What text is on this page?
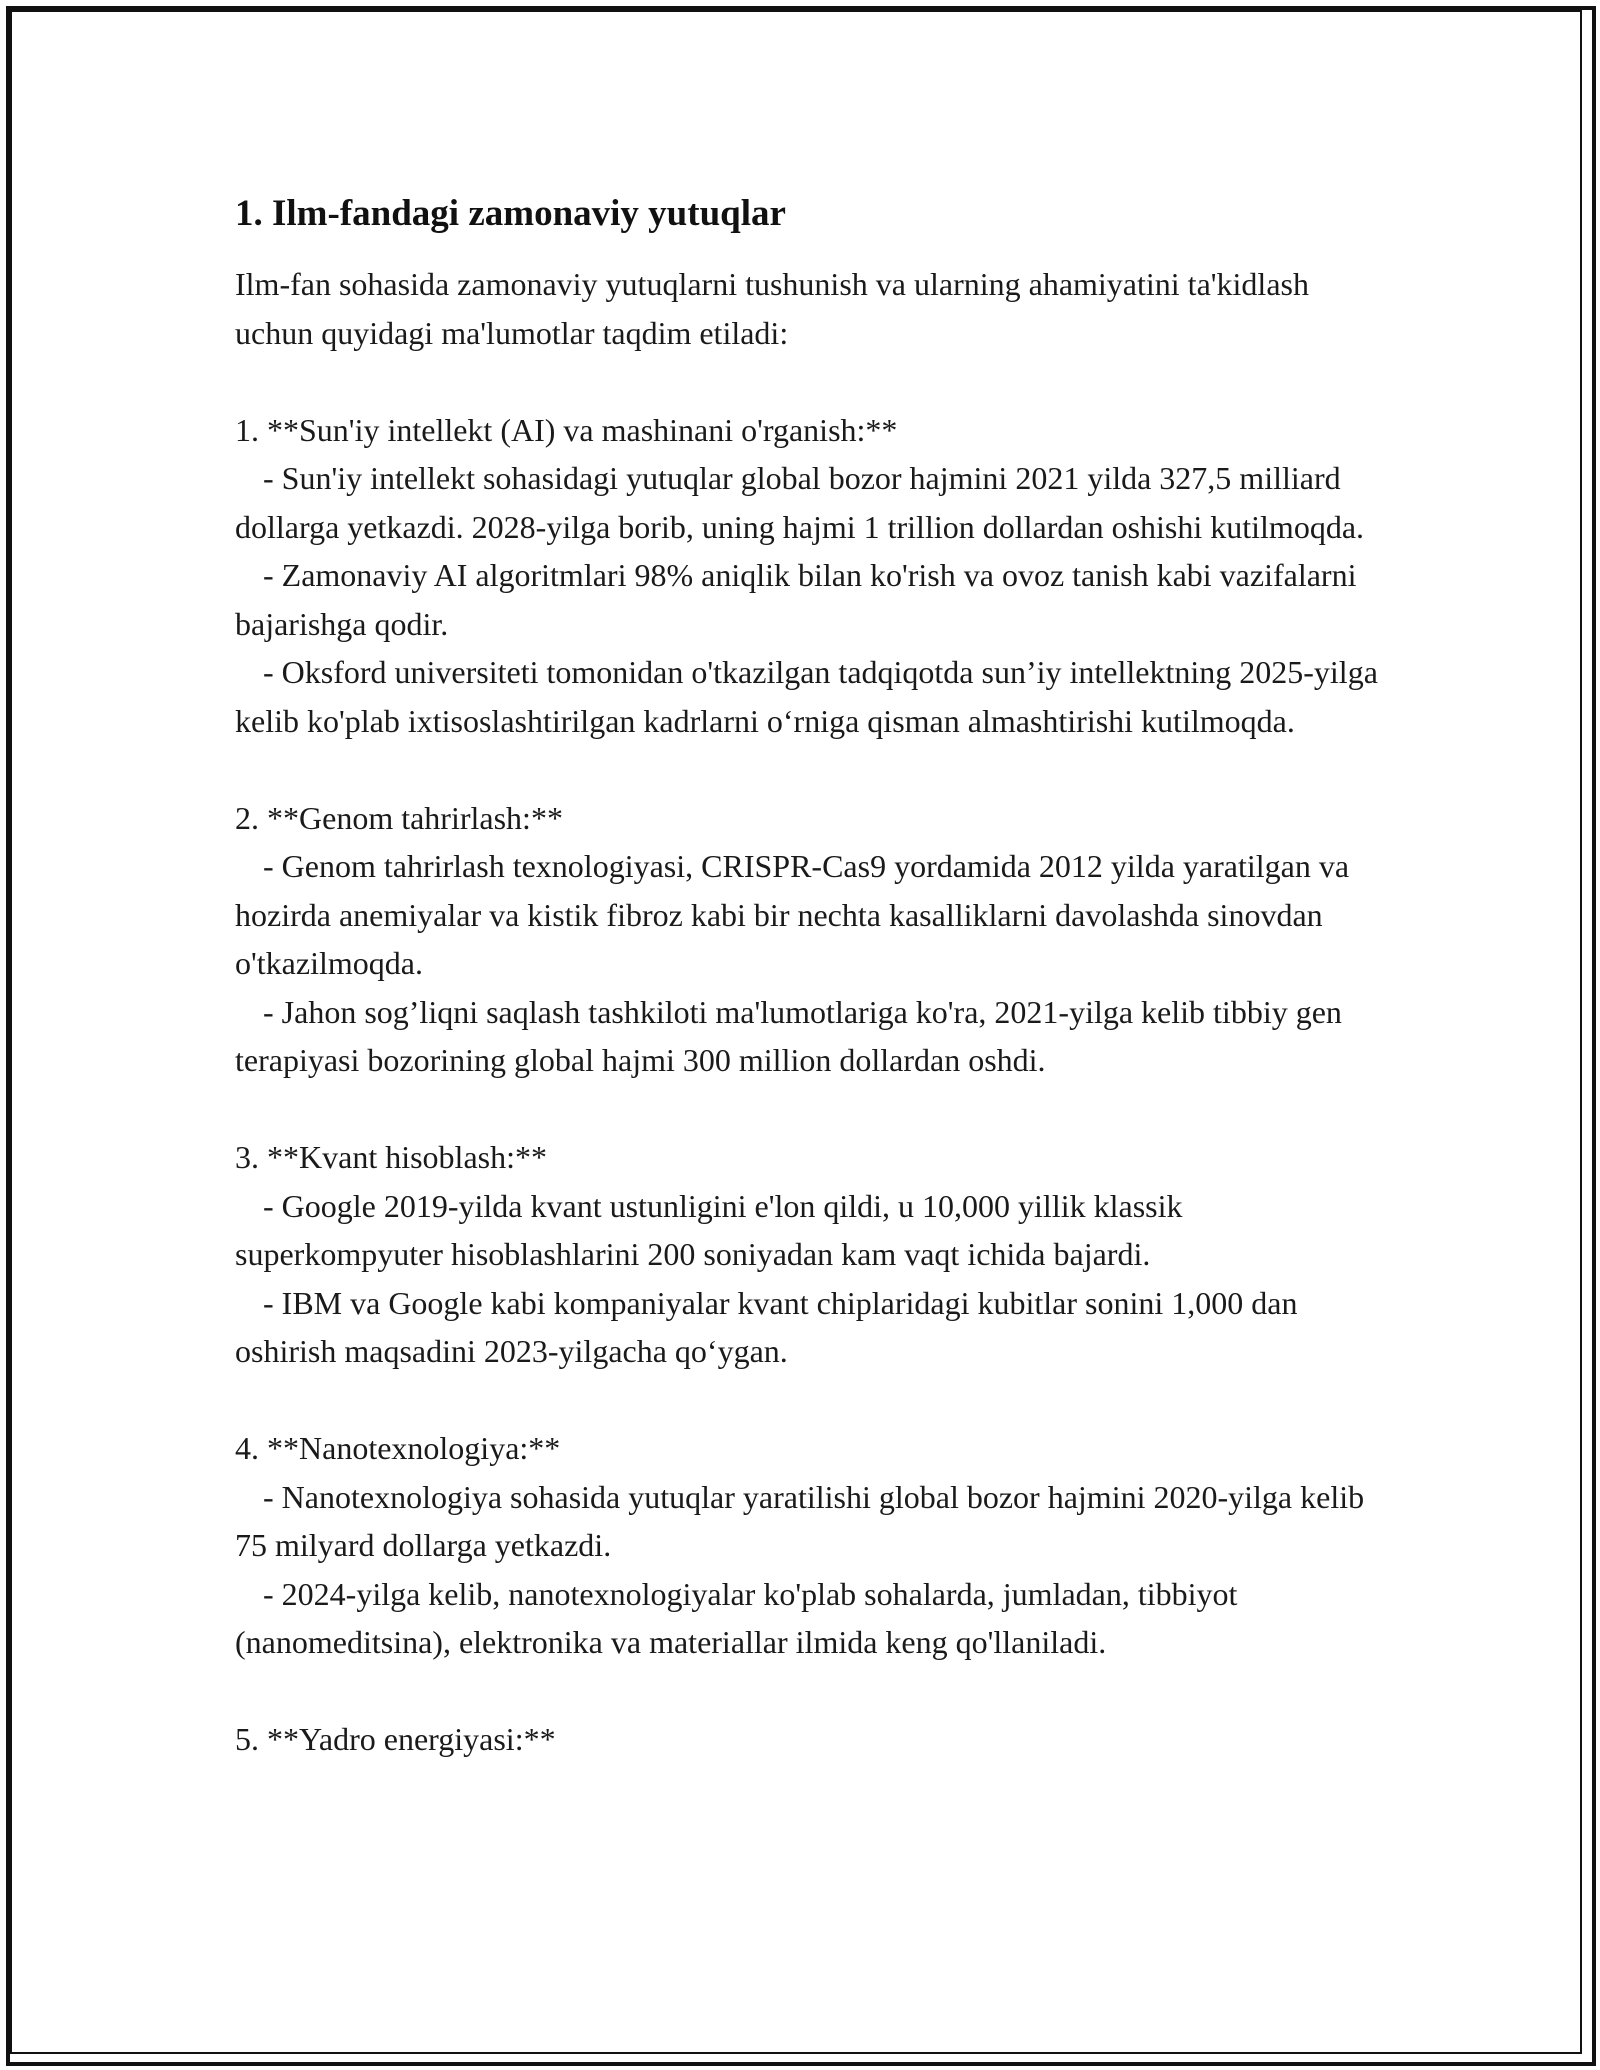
1. Ilm-fandagi zamonaviy yutuqlar

Ilm-fan sohasida zamonaviy yutuqlarni tushunish va ularning ahamiyatini ta'kidlash uchun quyidagi ma'lumotlar taqdim etiladi:

1. **Sun'iy intellekt (AI) va mashinani o'rganish:**

- Sun'iy intellekt sohasidagi yutuqlar global bozor hajmini 2021 yilda 327,5 milliard dollarga yetkazdi. 2028-yilga borib, uning hajmi 1 trillion dollardan oshishi kutilmoqda.

- Zamonaviy AI algoritmlari 98% aniqlik bilan ko'rish va ovoz tanish kabi vazifalarni bajarishga qodir.

- Oksford universiteti tomonidan o'tkazilgan tadqiqotda sun’iy intellektning 2025-yilga kelib ko'plab ixtisoslashtirilgan kadrlarni o‘rniga qisman almashtirishi kutilmoqda.

2. **Genom tahrirlash:**

- Genom tahrirlash texnologiyasi, CRISPR-Cas9 yordamida 2012 yilda yaratilgan va hozirda anemiyalar va kistik fibroz kabi bir nechta kasalliklarni davolashda sinovdan o'tkazilmoqda.

- Jahon sog’liqni saqlash tashkiloti ma'lumotlariga ko'ra, 2021-yilga kelib tibbiy gen terapiyasi bozorining global hajmi 300 million dollardan oshdi.

3. **Kvant hisoblash:**

- Google 2019-yilda kvant ustunligini e'lon qildi, u 10,000 yillik klassik superkompyuter hisoblashlarini 200 soniyadan kam vaqt ichida bajardi.

- IBM va Google kabi kompaniyalar kvant chiplaridagi kubitlar sonini 1,000 dan oshirish maqsadini 2023-yilgacha qo‘ygan.

4. **Nanotexnologiya:**

- Nanotexnologiya sohasida yutuqlar yaratilishi global bozor hajmini 2020-yilga kelib 75 milyard dollarga yetkazdi.

- 2024-yilga kelib, nanotexnologiyalar ko'plab sohalarda, jumladan, tibbiyot (nanomeditsina), elektronika va materiallar ilmida keng qo'llaniladi.

5. **Yadro energiyasi:**
